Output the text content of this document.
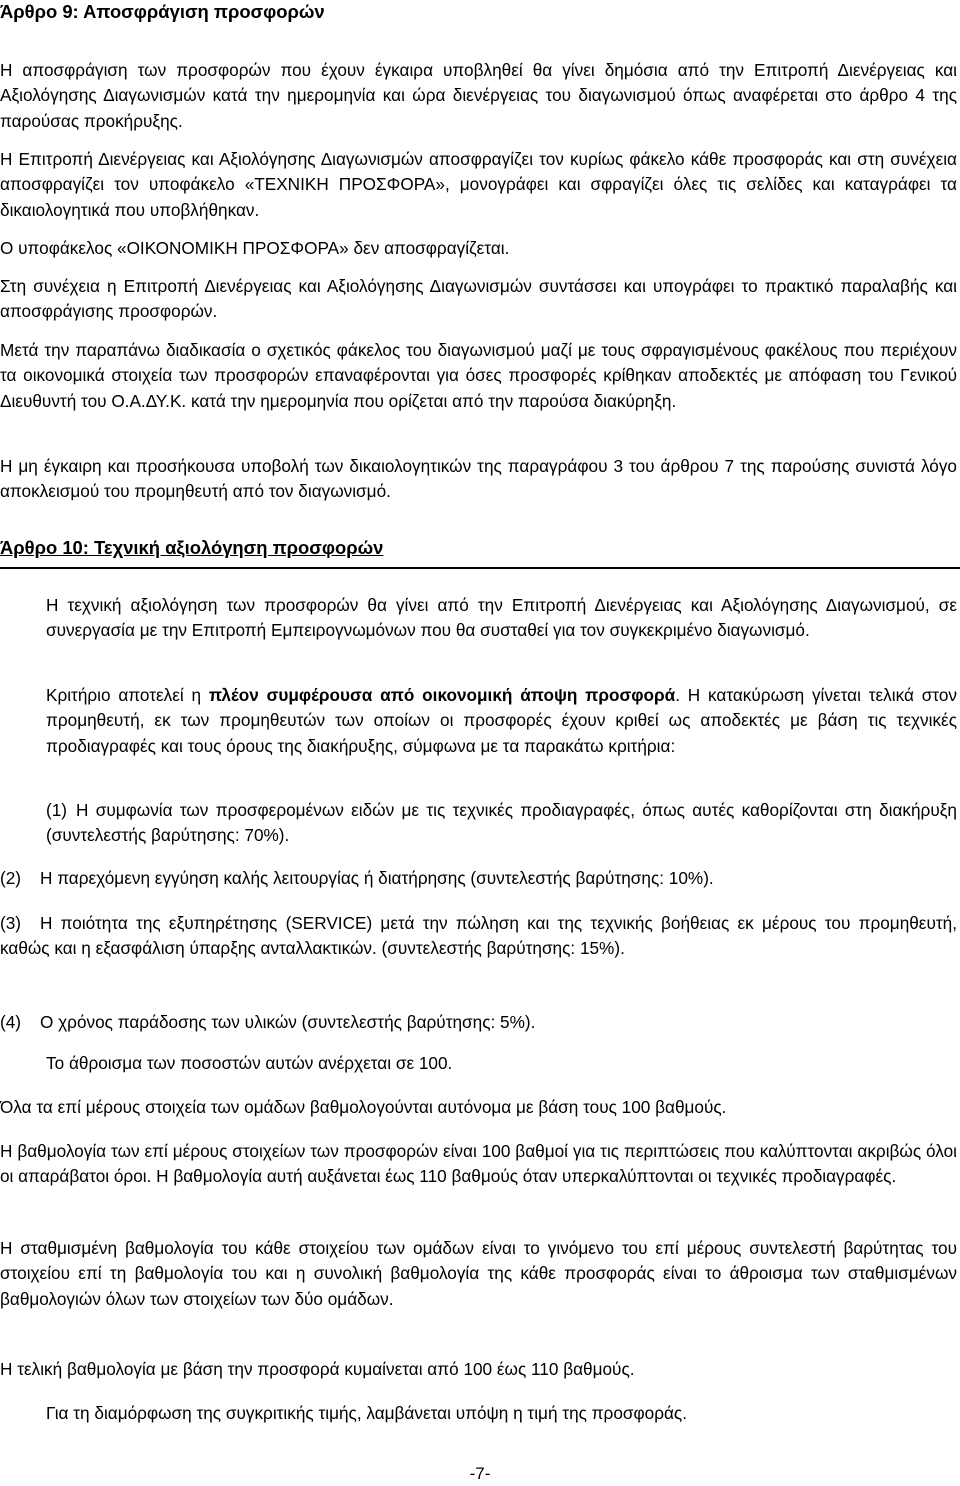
Άρθρο 9: Αποσφράγιση προσφορών

Η αποσφράγιση των προσφορών που έχουν έγκαιρα υποβληθεί θα γίνει δημόσια από την Επιτροπή Διενέργειας και Αξιολόγησης Διαγωνισμών κατά την ημερομηνία και ώρα διενέργειας του διαγωνισμού όπως αναφέρεται στο άρθρο 4 της παρούσας προκήρυξης.

Η Επιτροπή Διενέργειας και Αξιολόγησης Διαγωνισμών αποσφραγίζει τον κυρίως φάκελο κάθε προσφοράς και στη συνέχεια αποσφραγίζει τον υποφάκελο «ΤΕΧΝΙΚΗ ΠΡΟΣΦΟΡΑ», μονογράφει και σφραγίζει όλες τις σελίδες και καταγράφει τα δικαιολογητικά που υποβλήθηκαν.

Ο υποφάκελος «ΟΙΚΟΝΟΜΙΚΗ ΠΡΟΣΦΟΡΑ» δεν αποσφραγίζεται.

Στη συνέχεια η Επιτροπή Διενέργειας και Αξιολόγησης Διαγωνισμών συντάσσει και υπογράφει το πρακτικό παραλαβής και αποσφράγισης προσφορών.

Μετά την παραπάνω διαδικασία ο σχετικός φάκελος του διαγωνισμού μαζί με τους σφραγισμένους φακέλους που περιέχουν τα οικονομικά στοιχεία των προσφορών επαναφέρονται για όσες προσφορές κρίθηκαν αποδεκτές με απόφαση του Γενικού Διευθυντή του Ο.Α.ΔΥ.Κ. κατά την ημερομηνία που ορίζεται από την παρούσα διακύρηξη.

Η μη έγκαιρη και προσήκουσα υποβολή των δικαιολογητικών της παραγράφου 3 του άρθρου 7 της παρούσης συνιστά λόγο αποκλεισμού του προμηθευτή από τον διαγωνισμό.

Άρθρο 10: Τεχνική αξιολόγηση προσφορών

Η τεχνική αξιολόγηση των προσφορών θα γίνει από την Επιτροπή Διενέργειας και Αξιολόγησης Διαγωνισμού, σε συνεργασία με την Επιτροπή Εμπειρογνωμόνων που θα συσταθεί για τον συγκεκριμένο διαγωνισμό.

Κριτήριο αποτελεί η πλέον συμφέρουσα από οικονομική άποψη προσφορά. Η κατακύρωση γίνεται τελικά στον προμηθευτή, εκ των προμηθευτών των οποίων οι προσφορές έχουν κριθεί ως αποδεκτές με βάση τις τεχνικές προδιαγραφές και τους όρους της διακήρυξης, σύμφωνα με τα παρακάτω κριτήρια:

(1) Η συμφωνία των προσφερομένων ειδών με τις τεχνικές προδιαγραφές, όπως αυτές καθορίζονται στη διακήρυξη (συντελεστής βαρύτησης: 70%).

(2)	Η παρεχόμενη εγγύηση καλής λειτουργίας ή διατήρησης (συντελεστής βαρύτησης: 10%).

(3)	Η ποιότητα της εξυπηρέτησης (SERVICE) μετά την πώληση και της τεχνικής βοήθειας εκ μέρους του προμηθευτή, καθώς και η εξασφάλιση ύπαρξης ανταλλακτικών. (συντελεστής βαρύτησης: 15%).

(4)	Ο χρόνος παράδοσης των υλικών (συντελεστής βαρύτησης: 5%).

Το άθροισμα των ποσοστών αυτών ανέρχεται σε 100.

Όλα τα επί μέρους στοιχεία των ομάδων βαθμολογούνται αυτόνομα με βάση τους 100 βαθμούς.

Η βαθμολογία των επί μέρους στοιχείων των προσφορών είναι 100 βαθμοί για τις περιπτώσεις που καλύπτονται ακριβώς όλοι οι απαράβατοι όροι. Η βαθμολογία αυτή αυξάνεται έως 110 βαθμούς όταν υπερκαλύπτονται οι τεχνικές προδιαγραφές.

Η σταθμισμένη βαθμολογία του κάθε στοιχείου των ομάδων είναι το γινόμενο του επί μέρους συντελεστή βαρύτητας του στοιχείου επί τη βαθμολογία του και η συνολική βαθμολογία της κάθε προσφοράς είναι το άθροισμα των σταθμισμένων βαθμολογιών όλων των στοιχείων των δύο ομάδων.

Η τελική βαθμολογία με βάση την προσφορά κυμαίνεται από 100 έως 110 βαθμούς.

Για τη διαμόρφωση της συγκριτικής τιμής, λαμβάνεται υπόψη η τιμή της προσφοράς.

-7-
